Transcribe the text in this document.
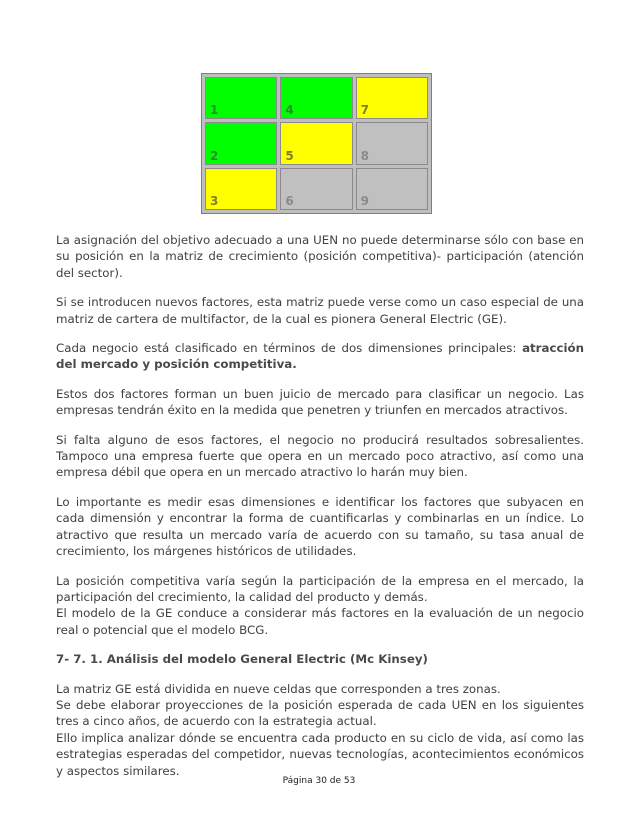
1	4	7
2	5	8
3	6	9

La asignación del objetivo adecuado a una UEN no puede determinarse sólo con base en su posición en la matriz de crecimiento (posición competitiva)- participación (atención del sector).

Si se introducen nuevos factores, esta matriz puede verse como un caso especial de una matriz de cartera de multifactor, de la cual es pionera General Electric (GE).

Cada negocio está clasificado en términos de dos dimensiones principales: atracción del mercado y posición competitiva.

Estos dos factores forman un buen juicio de mercado para clasificar un negocio. Las empresas tendrán éxito en la medida que penetren y triunfen en mercados atractivos.

Si falta alguno de esos factores, el negocio no producirá resultados sobresalientes. Tampoco una empresa fuerte que opera en un mercado poco atractivo, así como una empresa débil que opera en un mercado atractivo lo harán muy bien.

Lo importante es medir esas dimensiones e identificar los factores que subyacen en cada dimensión y encontrar la forma de cuantificarlas y combinarlas en un índice. Lo atractivo que resulta un mercado varía de acuerdo con su tamaño, su tasa anual de crecimiento, los márgenes históricos de utilidades.

La posición competitiva varía según la participación de la empresa en el mercado, la participación del crecimiento, la calidad del producto y demás.
El modelo de la GE conduce a considerar más factores en la evaluación de un negocio real o potencial que el modelo BCG.

7- 7. 1. Análisis del modelo General Electric (Mc Kinsey)

La matriz GE está dividida en nueve celdas que corresponden a tres zonas.
Se debe elaborar proyecciones de la posición esperada de cada UEN en los siguientes tres a cinco años, de acuerdo con la estrategia actual.
Ello implica analizar dónde se encuentra cada producto en su ciclo de vida, así como las estrategias esperadas del competidor, nuevas tecnologías, acontecimientos económicos y aspectos similares.

Página 30 de 53
